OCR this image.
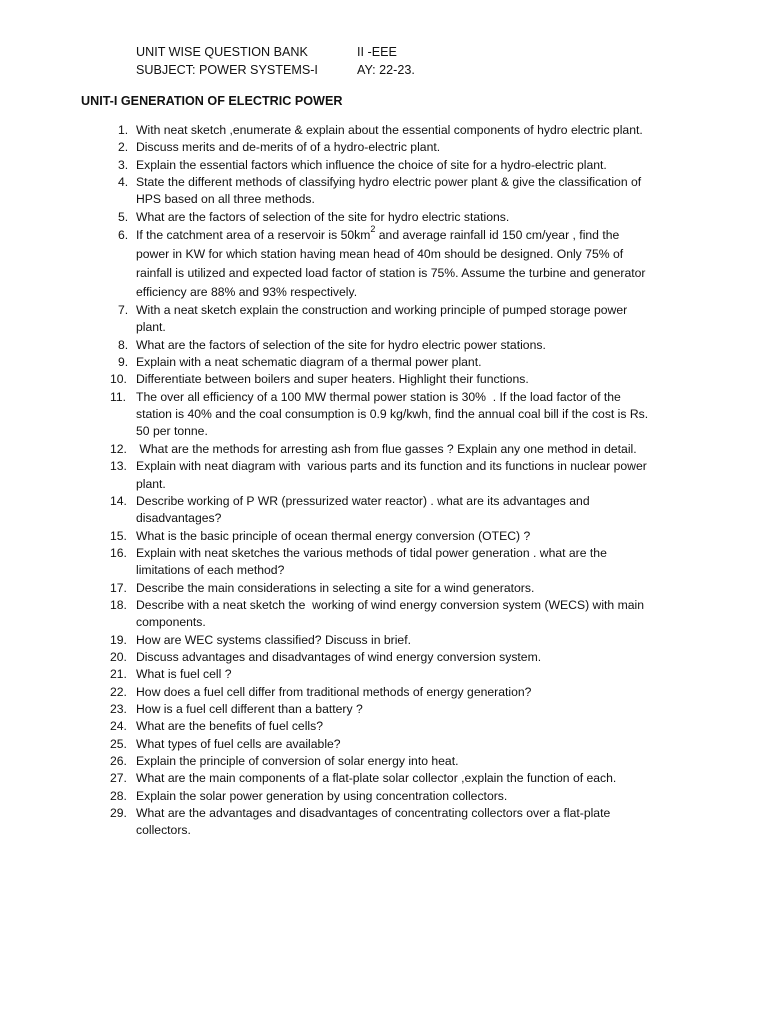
UNIT WISE QUESTION BANK	II -EEE
SUBJECT: POWER SYSTEMS-I	AY: 22-23.
UNIT-I GENERATION OF ELECTRIC POWER
1. With neat sketch ,enumerate & explain about the essential components of hydro electric plant.
2. Discuss merits and de-merits of of a hydro-electric plant.
3. Explain the essential factors which influence the choice of site for a hydro-electric plant.
4. State the different methods of classifying hydro electric power plant & give the classification of
HPS based on all three methods.
5. What are the factors of selection of the site for hydro electric stations.
6. If the catchment area of a reservoir is $50km^2$ and average rainfall id 150 cm/year , find the
power in KW for which station having mean head of 40m should be designed. Only 75% of
rainfall is utilized and expected load factor of station is 75%. Assume the turbine and generator
efficiency are 88% and 93% respectively.
7. With a neat sketch explain the construction and working principle of pumped storage power
plant.
8. What are the factors of selection of the site for hydro electric power stations.
9. Explain with a neat schematic diagram of a thermal power plant.
10. Differentiate between boilers and super heaters. Highlight their functions.
11. The over all efficiency of a 100 MW thermal power station is 30%  . If the load factor of the
station is 40% and the coal consumption is 0.9 kg/kwh, find the annual coal bill if the cost is Rs.
50 per tonne.
12. What are the methods for arresting ash from flue gasses ? Explain any one method in detail.
13. Explain with neat diagram with  various parts and its function and its functions in nuclear power
plant.
14. Describe working of P WR (pressurized water reactor) . what are its advantages and
disadvantages?
15. What is the basic principle of ocean thermal energy conversion (OTEC) ?
16. Explain with neat sketches the various methods of tidal power generation . what are the
limitations of each method?
17. Describe the main considerations in selecting a site for a wind generators.
18. Describe with a neat sketch the  working of wind energy conversion system (WECS) with main
components.
19. How are WEC systems classified? Discuss in brief.
20. Discuss advantages and disadvantages of wind energy conversion system.
21. What is fuel cell ?
22. How does a fuel cell differ from traditional methods of energy generation?
23. How is a fuel cell different than a battery ?
24. What are the benefits of fuel cells?
25. What types of fuel cells are available?
26. Explain the principle of conversion of solar energy into heat.
27. What are the main components of a flat-plate solar collector ,explain the function of each.
28. Explain the solar power generation by using concentration collectors.
29. What are the advantages and disadvantages of concentrating collectors over a flat-plate
collectors.
